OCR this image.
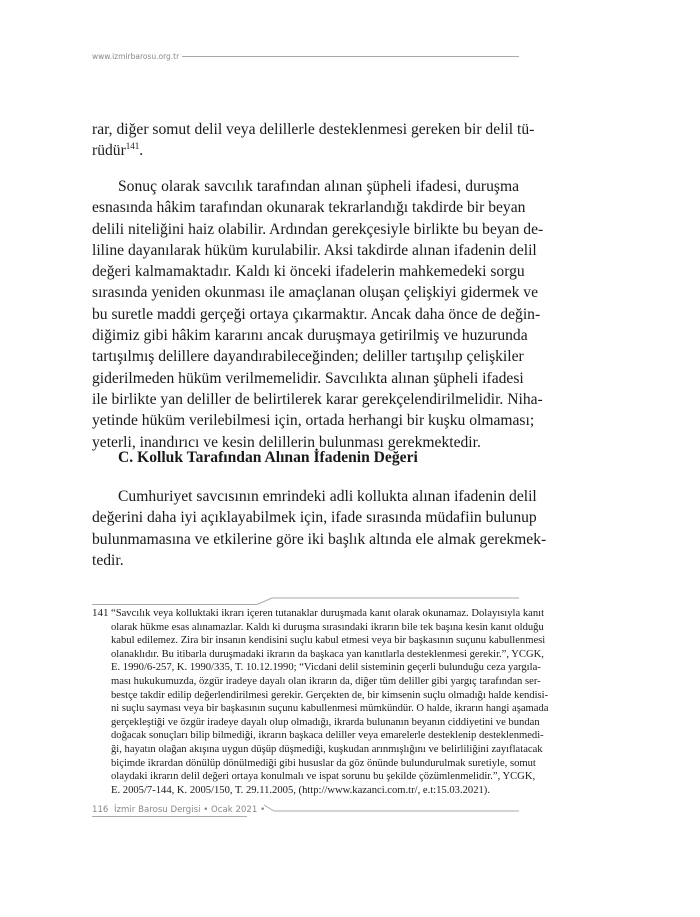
www.izmirbarosu.org.tr
rar, diğer somut delil veya delillerle desteklenmesi gereken bir delil tü-
rüdür$^{141}$.
Sonuç olarak savcılık tarafından alınan şüpheli ifadesi, duruşma
esnasında hâkim tarafından okunarak tekrarlandığı takdirde bir beyan
delili niteliğini haiz olabilir. Ardından gerekçesiyle birlikte bu beyan de-
liline dayanılarak hüküm kurulabilir. Aksi takdirde alınan ifadenin delil
değeri kalmamaktadır. Kaldı ki önceki ifadelerin mahkemedeki sorgu
sırasında yeniden okunması ile amaçlanan oluşan çelişkiyi gidermek ve
bu suretle maddi gerçeği ortaya çıkarmaktır. Ancak daha önce de değin-
diğimiz gibi hâkim kararını ancak duruşmaya getirilmiş ve huzurunda
tartışılmış delillere dayandırabileceğinden; deliller tartışılıp çelişkiler
giderilmeden hüküm verilmemelidir. Savcılıkta alınan şüpheli ifadesi
ile birlikte yan deliller de belirtilerek karar gerekçelendirilmelidir. Niha-
yetinde hüküm verilebilmesi için, ortada herhangi bir kuşku olmaması;
yeterli, inandırıcı ve kesin delillerin bulunması gerekmektedir.
C. Kolluk Tarafından Alınan İfadenin Değeri
Cumhuriyet savcısının emrindeki adli kollukta alınan ifadenin delil
değerini daha iyi açıklayabilmek için, ifade sırasında müdafiin bulunup
bulunmamasına ve etkilerine göre iki başlık altında ele almak gerekmek-
tedir.
141 “Savcılık veya kolluktaki ikrarı içeren tutanaklar duruşmada kanıt olarak okunamaz. Dolayısıyla kanıt
olarak hükme esas alınamazlar. Kaldı ki duruşma sırasındaki ikrarın bile tek başına kesin kanıt olduğu
kabul edilemez. Zira bir insanın kendisini suçlu kabul etmesi veya bir başkasının suçunu kabullenmesi
olanaklıdır. Bu itibarla duruşmadaki ikrarın da başkaca yan kanıtlarla desteklenmesi gerekir.”, YCGK,
E. 1990/6-257, K. 1990/335, T. 10.12.1990; “Vicdani delil sisteminin geçerli bulunduğu ceza yargıla-
ması hukukumuzda, özgür iradeye dayalı olan ikrarın da, diğer tüm deliller gibi yargıç tarafından ser-
bestçe takdir edilip değerlendirilmesi gerekir. Gerçekten de, bir kimsenin suçlu olmadığı halde kendisi-
ni suçlu sayması veya bir başkasının suçunu kabullenmesi mümkündür. O halde, ikrarın hangi aşamada
gerçekleştiği ve özgür iradeye dayalı olup olmadığı, ikrarda bulunanın beyanın ciddiyetini ve bundan
doğacak sonuçları bilip bilmediği, ikrarın başkaca deliller veya emarelerle desteklenip desteklenmedi-
ği, hayatın olağan akışına uygun düşüp düşmediği, kuşkudan arınmışlığını ve belirliliğini zayıflatacak
biçimde ikrardan dönülüp dönülmediği gibi hususlar da göz önünde bulundurulmak suretiyle, somut
olaydaki ikrarın delil değeri ortaya konulmalı ve ispat sorunu bu şekilde çözümlenmelidir.”, YCGK,
E. 2005/7-144, K. 2005/150, T. 29.11.2005, (http://www.kazanci.com.tr/, e.t:15.03.2021).
116 İzmir Barosu Dergisi • Ocak 2021 •
